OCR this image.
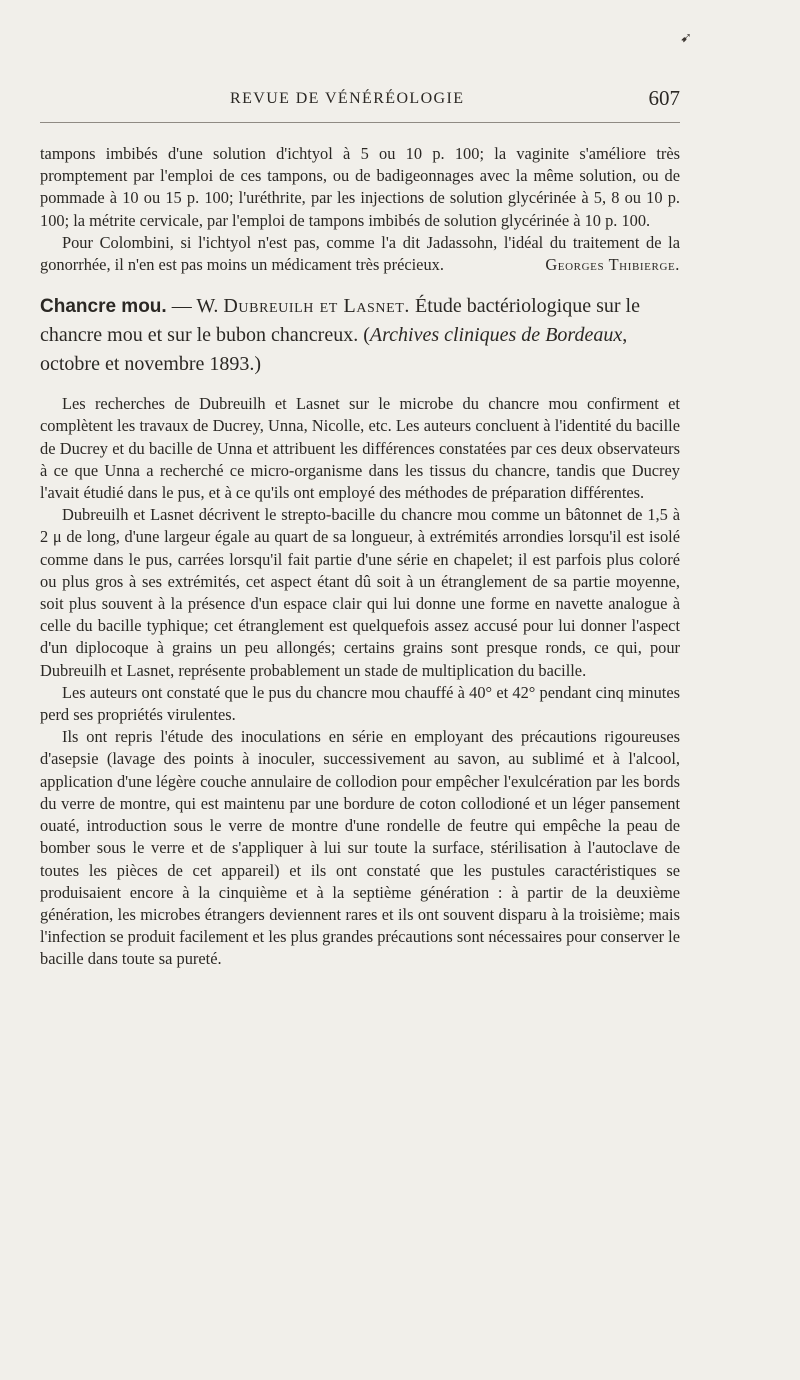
REVUE DE VÉNÉRÉOLOGIE	607

tampons imbibés d'une solution d'ichtyol à 5 ou 10 p. 100; la vaginite s'améliore très promptement par l'emploi de ces tampons, ou de badigeonnages avec la même solution, ou de pommade à 10 ou 15 p. 100; l'uréthrite, par les injections de solution glycérinée à 5, 8 ou 10 p. 100; la métrite cervicale, par l'emploi de tampons imbibés de solution glycérinée à 10 p. 100.

Pour Colombini, si l'ichtyol n'est pas, comme l'a dit Jadassohn, l'idéal du traitement de la gonorrhée, il n'en est pas moins un médicament très précieux.	Georges Thibierge.

Chancre mou. — W. Dubreuilh et Lasnet. Étude bactériologique sur le chancre mou et sur le bubon chancreux. (Archives cliniques de Bordeaux, octobre et novembre 1893.)

Les recherches de Dubreuilh et Lasnet sur le microbe du chancre mou confirment et complètent les travaux de Ducrey, Unna, Nicolle, etc. Les auteurs concluent à l'identité du bacille de Ducrey et du bacille de Unna et attribuent les différences constatées par ces deux observateurs à ce que Unna a recherché ce micro-organisme dans les tissus du chancre, tandis que Ducrey l'avait étudié dans le pus, et à ce qu'ils ont employé des méthodes de préparation différentes.

Dubreuilh et Lasnet décrivent le strepto-bacille du chancre mou comme un bâtonnet de 1,5 à 2 μ de long, d'une largeur égale au quart de sa longueur, à extrémités arrondies lorsqu'il est isolé comme dans le pus, carrées lorsqu'il fait partie d'une série en chapelet; il est parfois plus coloré ou plus gros à ses extrémités, cet aspect étant dû soit à un étranglement de sa partie moyenne, soit plus souvent à la présence d'un espace clair qui lui donne une forme en navette analogue à celle du bacille typhique; cet étranglement est quelquefois assez accusé pour lui donner l'aspect d'un diplocoque à grains un peu allongés; certains grains sont presque ronds, ce qui, pour Dubreuilh et Lasnet, représente probablement un stade de multiplication du bacille.

Les auteurs ont constaté que le pus du chancre mou chauffé à 40° et 42° pendant cinq minutes perd ses propriétés virulentes.

Ils ont repris l'étude des inoculations en série en employant des précautions rigoureuses d'asepsie (lavage des points à inoculer, successivement au savon, au sublimé et à l'alcool, application d'une légère couche annulaire de collodion pour empêcher l'exulcération par les bords du verre de montre, qui est maintenu par une bordure de coton collodioné et un léger pansement ouaté, introduction sous le verre de montre d'une rondelle de feutre qui empêche la peau de bomber sous le verre et de s'appliquer à lui sur toute la surface, stérilisation à l'autoclave de toutes les pièces de cet appareil) et ils ont constaté que les pustules caractéristiques se produisaient encore à la cinquième et à la septième génération : à partir de la deuxième génération, les microbes étrangers deviennent rares et ils ont souvent disparu à la troisième; mais l'infection se produit facilement et les plus grandes précautions sont nécessaires pour conserver le bacille dans toute sa pureté.

➹
